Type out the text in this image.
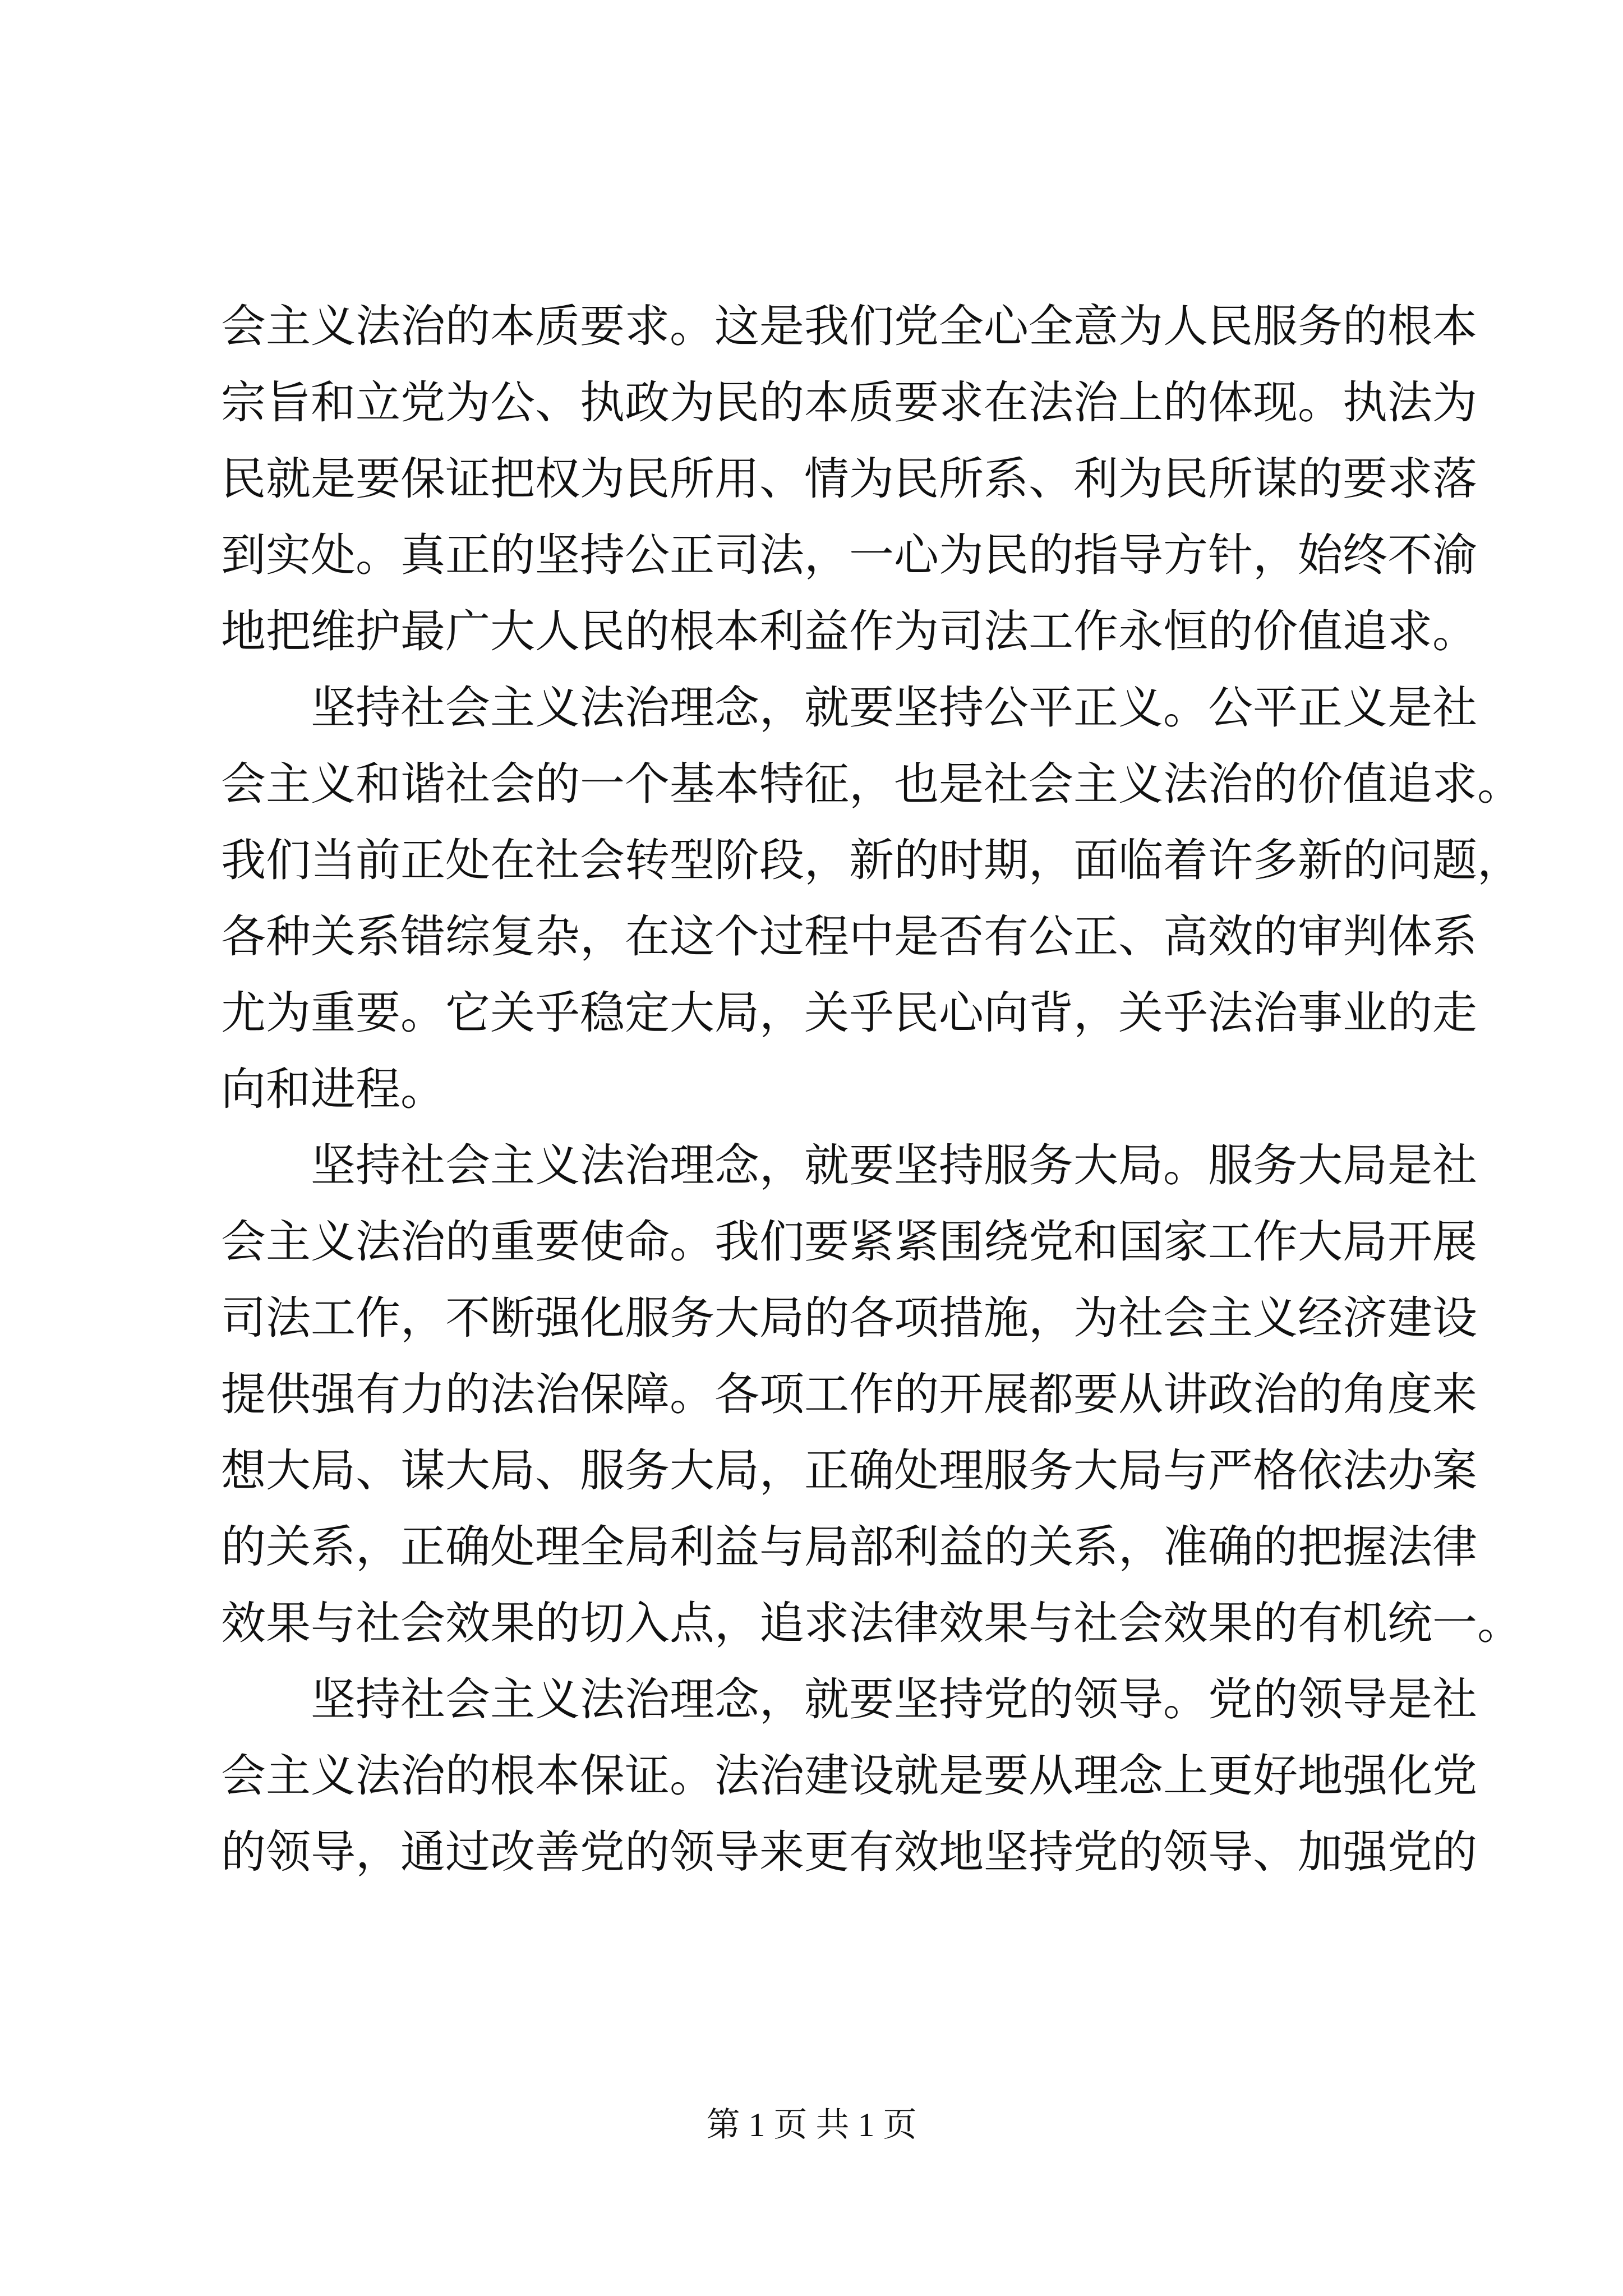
会主义法治的本质要求。这是我们党全心全意为人民服务的根本
宗旨和立党为公、执政为民的本质要求在法治上的体现。执法为
民就是要保证把权为民所用、情为民所系、利为民所谋的要求落
到实处。真正的坚持公正司法，一心为民的指导方针，始终不渝
地把维护最广大人民的根本利益作为司法工作永恒的价值追求。
　　坚持社会主义法治理念，就要坚持公平正义。公平正义是社
会主义和谐社会的一个基本特征，也是社会主义法治的价值追求。
我们当前正处在社会转型阶段，新的时期，面临着许多新的问题，
各种关系错综复杂，在这个过程中是否有公正、高效的审判体系
尤为重要。它关乎稳定大局，关乎民心向背，关乎法治事业的走
向和进程。
　　坚持社会主义法治理念，就要坚持服务大局。服务大局是社
会主义法治的重要使命。我们要紧紧围绕党和国家工作大局开展
司法工作，不断强化服务大局的各项措施，为社会主义经济建设
提供强有力的法治保障。各项工作的开展都要从讲政治的角度来
想大局、谋大局、服务大局，正确处理服务大局与严格依法办案
的关系，正确处理全局利益与局部利益的关系，准确的把握法律
效果与社会效果的切入点，追求法律效果与社会效果的有机统一。
　　坚持社会主义法治理念，就要坚持党的领导。党的领导是社
会主义法治的根本保证。法治建设就是要从理念上更好地强化党
的领导，通过改善党的领导来更有效地坚持党的领导、加强党的
第 1 页 共 1 页
